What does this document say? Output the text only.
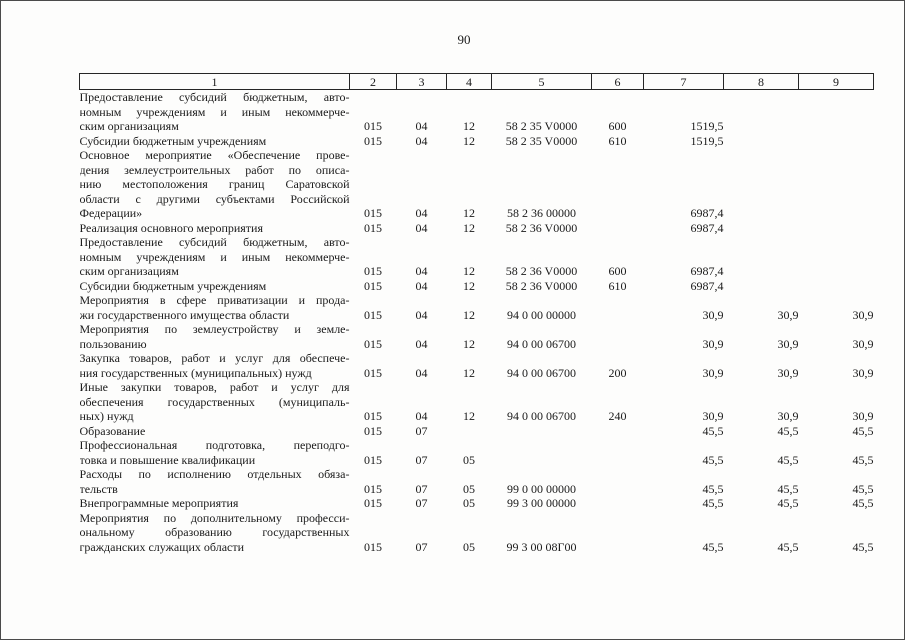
90
1	2	3	4	5	6	7	8	9

Предоставление субсидий бюджетным, авто-
номным учреждениям и иным некоммерче-
ским организациям	015	04	12	58 2 35 V0000	600	1519,5		

Субсидии бюджетным учреждениям	015	04	12	58 2 35 V0000	610	1519,5		

Основное мероприятие «Обеспечение прове-
дения землеустроительных работ по описа-
нию местоположения границ Саратовской
области с другими субъектами Российской
Федерации»	015	04	12	58 2 36 00000		6987,4		

Реализация основного мероприятия	015	04	12	58 2 36 V0000		6987,4		

Предоставление субсидий бюджетным, авто-
номным учреждениям и иным некоммерче-
ским организациям	015	04	12	58 2 36 V0000	600	6987,4		

Субсидии бюджетным учреждениям	015	04	12	58 2 36 V0000	610	6987,4		

Мероприятия в сфере приватизации и прода-
жи государственного имущества области	015	04	12	94 0 00 00000		30,9	30,9	30,9

Мероприятия по землеустройству и земле-
пользованию	015	04	12	94 0 00 06700		30,9	30,9	30,9

Закупка товаров, работ и услуг для обеспече-
ния государственных (муниципальных) нужд	015	04	12	94 0 00 06700	200	30,9	30,9	30,9

Иные закупки товаров, работ и услуг для
обеспечения государственных (муниципаль-
ных) нужд	015	04	12	94 0 00 06700	240	30,9	30,9	30,9

Образование	015	07				45,5	45,5	45,5

Профессиональная подготовка, переподго-
товка и повышение квалификации	015	07	05			45,5	45,5	45,5

Расходы по исполнению отдельных обяза-
тельств	015	07	05	99 0 00 00000		45,5	45,5	45,5

Внепрограммные мероприятия	015	07	05	99 3 00 00000		45,5	45,5	45,5

Мероприятия по дополнительному професси-
ональному образованию государственных
гражданских служащих области	015	07	05	99 3 00 08Г00		45,5	45,5	45,5
